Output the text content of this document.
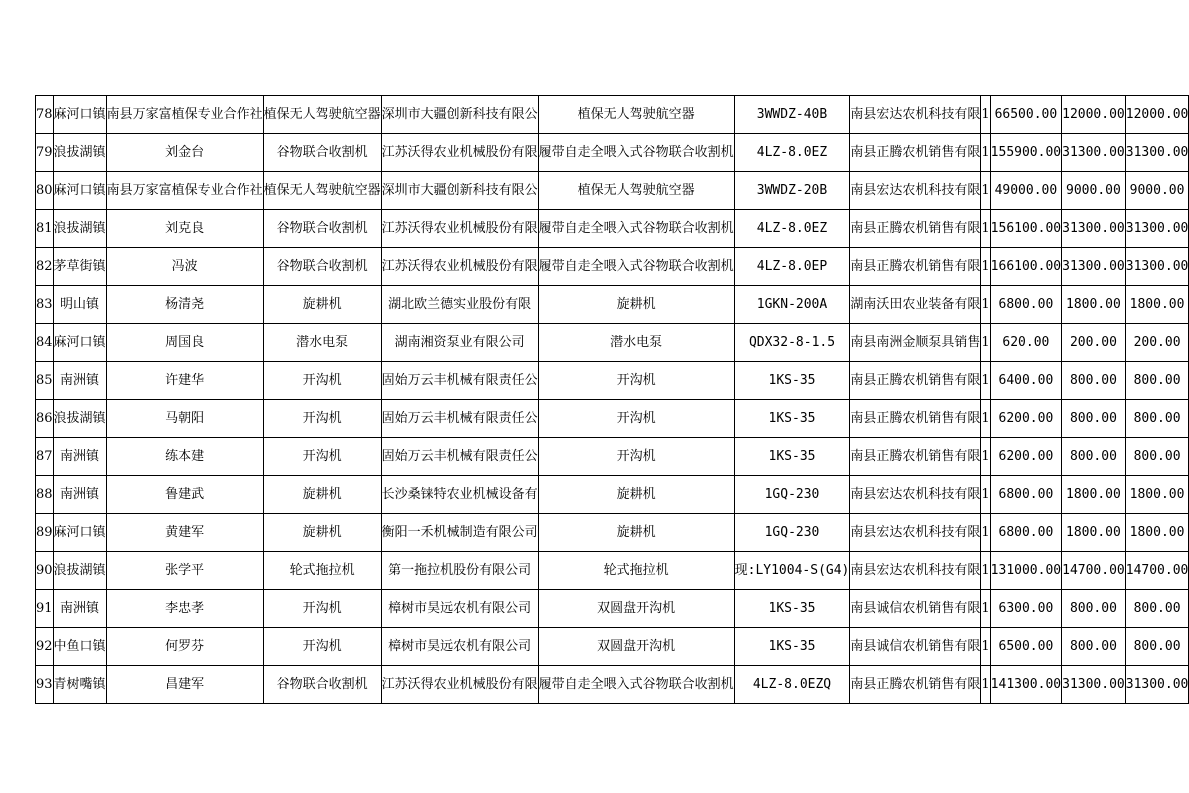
78	麻河口镇	南县万家富植保专业合作社	植保无人驾驶航空器	深圳市大疆创新科技有限公	植保无人驾驶航空器	3WWDZ-40B	南县宏达农机科技有限	1	66500.00	12000.00	12000.00
79	浪拔湖镇	刘金台	谷物联合收割机	江苏沃得农业机械股份有限	履带自走全喂入式谷物联合收割机	4LZ-8.0EZ	南县正腾农机销售有限	1	155900.00	31300.00	31300.00
80	麻河口镇	南县万家富植保专业合作社	植保无人驾驶航空器	深圳市大疆创新科技有限公	植保无人驾驶航空器	3WWDZ-20B	南县宏达农机科技有限	1	49000.00	9000.00	9000.00
81	浪拔湖镇	刘克良	谷物联合收割机	江苏沃得农业机械股份有限	履带自走全喂入式谷物联合收割机	4LZ-8.0EZ	南县正腾农机销售有限	1	156100.00	31300.00	31300.00
82	茅草街镇	冯波	谷物联合收割机	江苏沃得农业机械股份有限	履带自走全喂入式谷物联合收割机	4LZ-8.0EP	南县正腾农机销售有限	1	166100.00	31300.00	31300.00
83	明山镇	杨清尧	旋耕机	湖北欧兰德实业股份有限	旋耕机	1GKN-200A	湖南沃田农业装备有限	1	6800.00	1800.00	1800.00
84	麻河口镇	周国良	潜水电泵	湖南湘资泵业有限公司	潜水电泵	QDX32-8-1.5	南县南洲金顺泵具销售	1	620.00	200.00	200.00
85	南洲镇	许建华	开沟机	固始万云丰机械有限责任公	开沟机	1KS-35	南县正腾农机销售有限	1	6400.00	800.00	800.00
86	浪拔湖镇	马朝阳	开沟机	固始万云丰机械有限责任公	开沟机	1KS-35	南县正腾农机销售有限	1	6200.00	800.00	800.00
87	南洲镇	练本建	开沟机	固始万云丰机械有限责任公	开沟机	1KS-35	南县正腾农机销售有限	1	6200.00	800.00	800.00
88	南洲镇	鲁建武	旋耕机	长沙桑铼特农业机械设备有	旋耕机	1GQ-230	南县宏达农机科技有限	1	6800.00	1800.00	1800.00
89	麻河口镇	黄建军	旋耕机	衡阳一禾机械制造有限公司	旋耕机	1GQ-230	南县宏达农机科技有限	1	6800.00	1800.00	1800.00
90	浪拔湖镇	张学平	轮式拖拉机	第一拖拉机股份有限公司	轮式拖拉机	现:LY1004-S(G4)	南县宏达农机科技有限	1	131000.00	14700.00	14700.00
91	南洲镇	李忠孝	开沟机	樟树市昊远农机有限公司	双圆盘开沟机	1KS-35	南县诚信农机销售有限	1	6300.00	800.00	800.00
92	中鱼口镇	何罗芬	开沟机	樟树市昊远农机有限公司	双圆盘开沟机	1KS-35	南县诚信农机销售有限	1	6500.00	800.00	800.00
93	青树嘴镇	昌建军	谷物联合收割机	江苏沃得农业机械股份有限	履带自走全喂入式谷物联合收割机	4LZ-8.0EZQ	南县正腾农机销售有限	1	141300.00	31300.00	31300.00
